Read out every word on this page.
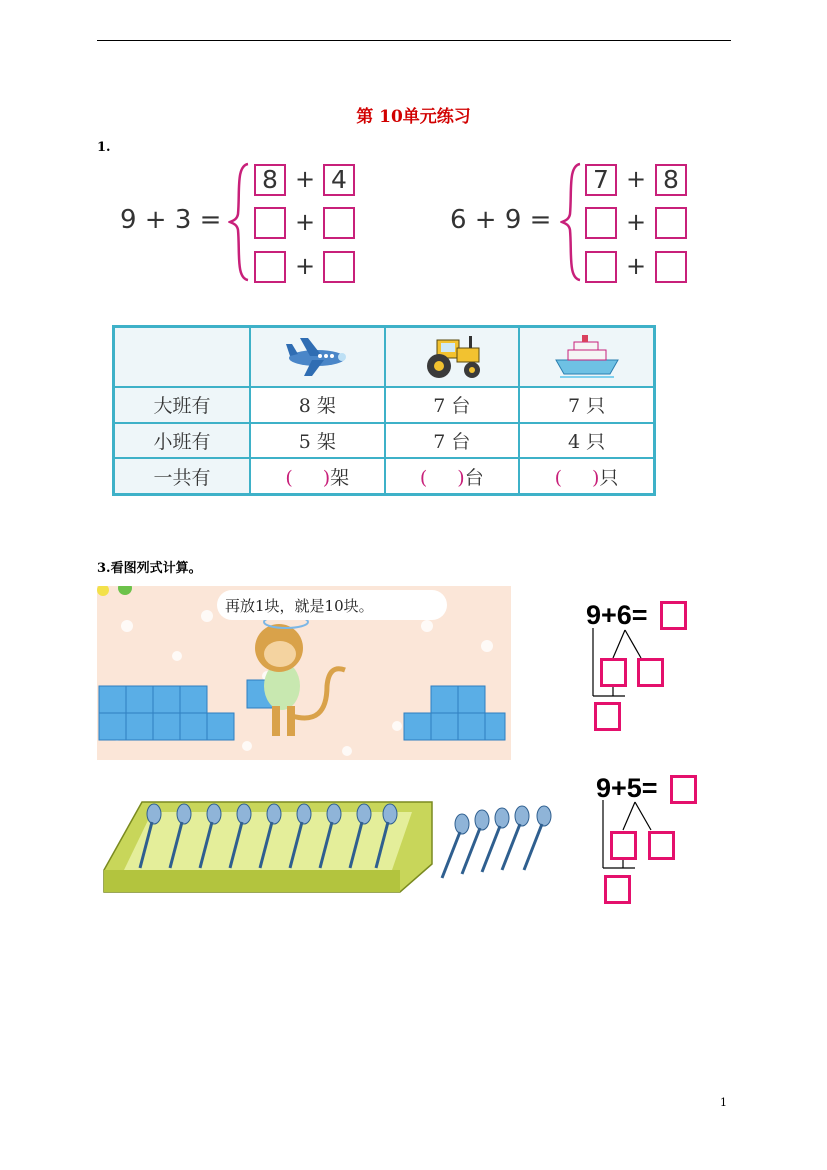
第 10单元练习
1.
9 + 3 =
8 + 4
+
+
6 + 9 =
7 + 8
+
+

大班有	8 架	7 台	7 只
小班有	5 架	7 台	4 只
一共有	( )架	( )台	( )只
3.看图列式计算。
再放1块，就是10块。	9+6=
9+5=
1
